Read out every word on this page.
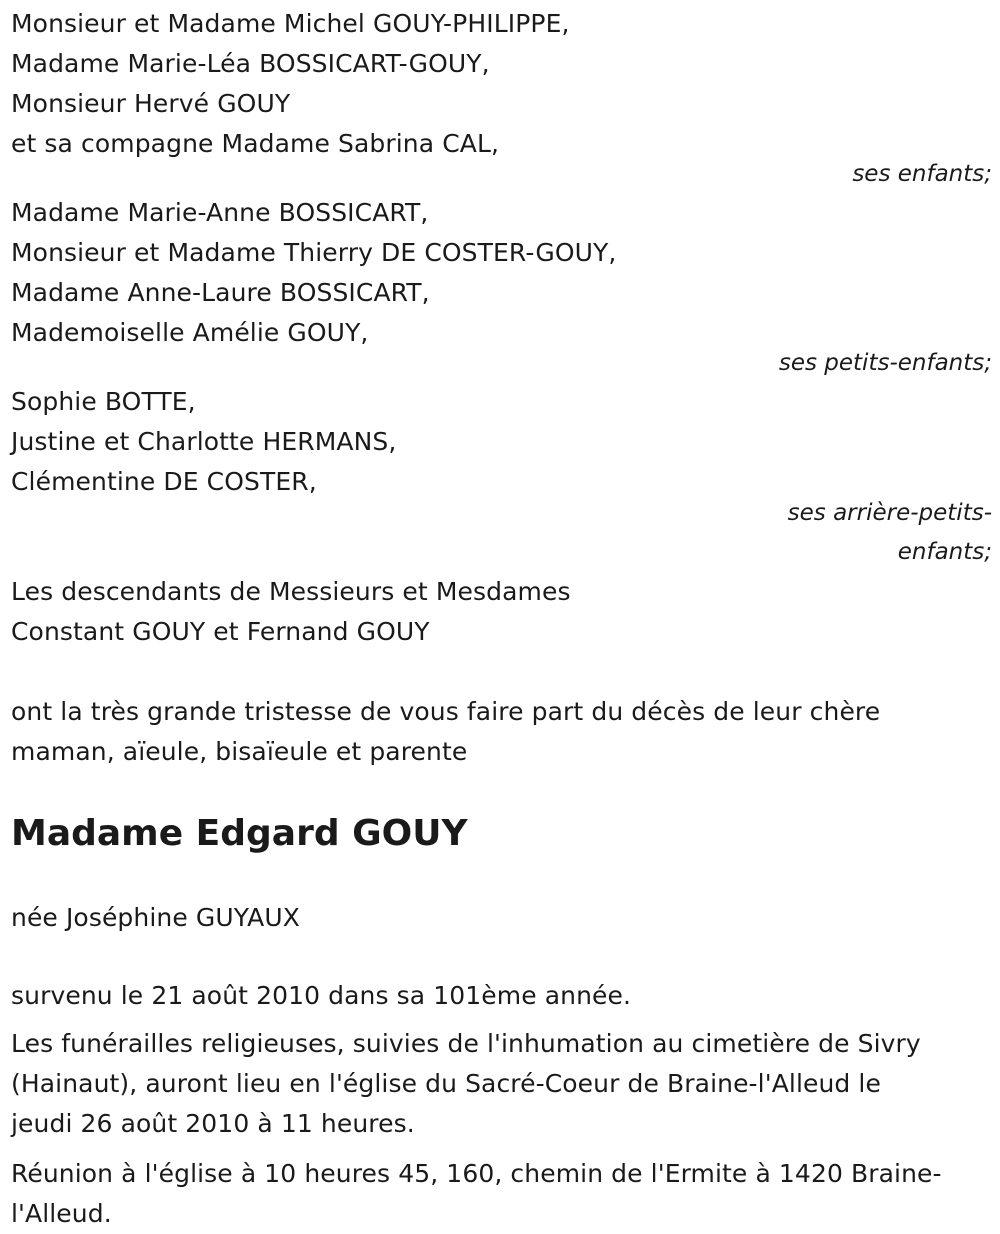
Monsieur et Madame Michel GOUY-PHILIPPE,
Madame Marie-Léa BOSSICART-GOUY,
Monsieur Hervé GOUY
et sa compagne Madame Sabrina CAL,
ses enfants;
Madame Marie-Anne BOSSICART,
Monsieur et Madame Thierry DE COSTER-GOUY,
Madame Anne-Laure BOSSICART,
Mademoiselle Amélie GOUY,
ses petits-enfants;
Sophie BOTTE,
Justine et Charlotte HERMANS,
Clémentine DE COSTER,
ses arrière-petits-
enfants;
Les descendants de Messieurs et Mesdames
Constant GOUY et Fernand GOUY
ont la très grande tristesse de vous faire part du décès de leur chère
maman, aïeule, bisaïeule et parente
Madame Edgard GOUY
née Joséphine GUYAUX
survenu le 21 août 2010 dans sa 101ème année.
Les funérailles religieuses, suivies de l'inhumation au cimetière de Sivry
(Hainaut), auront lieu en l'église du Sacré-Coeur de Braine-l'Alleud le
jeudi 26 août 2010 à 11 heures.
Réunion à l'église à 10 heures 45, 160, chemin de l'Ermite à 1420 Braine-
l'Alleud.
